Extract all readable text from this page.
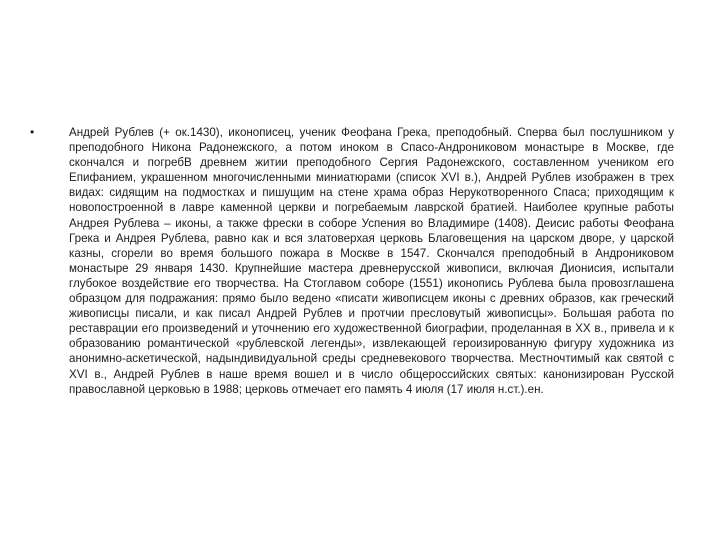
•	Андрей Рублев (+ ок.1430), иконописец, ученик Феофана Грека, преподобный. Сперва был послушником у преподобного Никона Радонежского, а потом иноком в Спасо-Андрониковом монастыре в Москве, где скончался и погребВ древнем житии преподобного Сергия Радонежского, составленном учеником его Епифанием, украшенном многочисленными миниатюрами (список XVI в.), Андрей Рублев изображен в трех видах: сидящим на подмостках и пишущим на стене храма образ Нерукотворенного Спаса; приходящим к новопостроенной в лавре каменной церкви и погребаемым лаврской братией. Наиболее крупные работы Андрея Рублева – иконы, а также фрески в соборе Успения во Владимире (1408). Деисис работы Феофана Грека и Андрея Рублева, равно как и вся златоверхая церковь Благовещения на царском дворе, у царской казны, сгорели во время большого пожара в Москве в 1547. Скончался преподобный в Андрониковом монастыре 29 января 1430. Крупнейшие мастера древнерусской живописи, включая Дионисия, испытали глубокое воздействие его творчества. На Стоглавом соборе (1551) иконопись Рублева была провозглашена образцом для подражания: прямо было ведено «писати живописцем иконы с древних образов, как греческий живописцы писали, и как писал Андрей Рублев и протчии пресловутый живописцы». Большая работа по реставрации его произведений и уточнению его художественной биографии, проделанная в XX в., привела и к образованию романтической «рублевской легенды», извлекающей героизированную фигуру художника из анонимно-аскетической, надындивидуальной среды средневекового творчества. Местночтимый как святой с XVI в., Андрей Рублев в наше время вошел и в число общероссийских святых: канонизирован Русской православной церковью в 1988; церковь отмечает его память 4 июля (17 июля н.ст.).ен.
